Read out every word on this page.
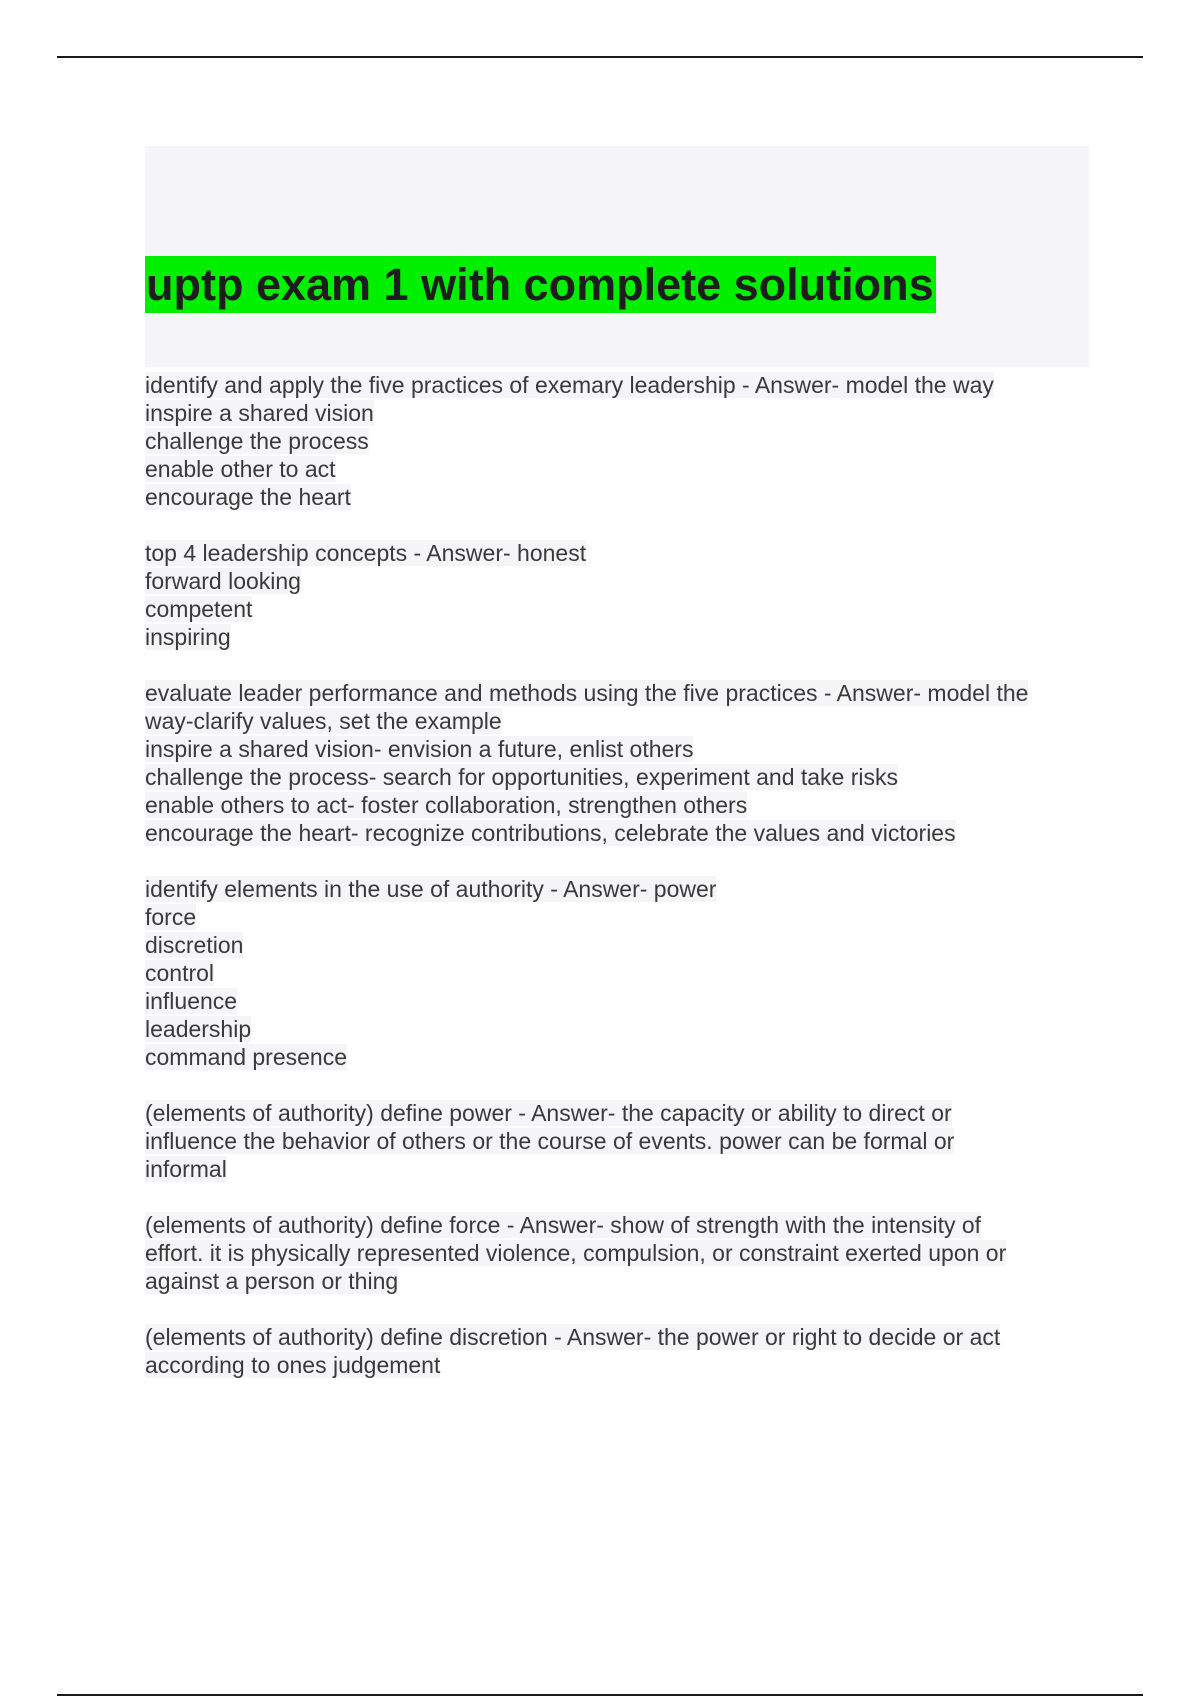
uptp exam 1 with complete solutions
identify and apply the five practices of exemary leadership - Answer- model the way
inspire a shared vision
challenge the process
enable other to act
encourage the heart
top 4 leadership concepts - Answer- honest
forward looking
competent
inspiring
evaluate leader performance and methods using the five practices - Answer- model the
way-clarify values, set the example
inspire a shared vision- envision a future, enlist others
challenge the process- search for opportunities, experiment and take risks
enable others to act- foster collaboration, strengthen others
encourage the heart- recognize contributions, celebrate the values and victories
identify elements in the use of authority - Answer- power
force
discretion
control
influence
leadership
command presence
(elements of authority) define power - Answer- the capacity or ability to direct or
influence the behavior of others or the course of events. power can be formal or
informal
(elements of authority) define force - Answer- show of strength with the intensity of
effort. it is physically represented violence, compulsion, or constraint exerted upon or
against a person or thing
(elements of authority) define discretion - Answer- the power or right to decide or act
according to ones judgement
